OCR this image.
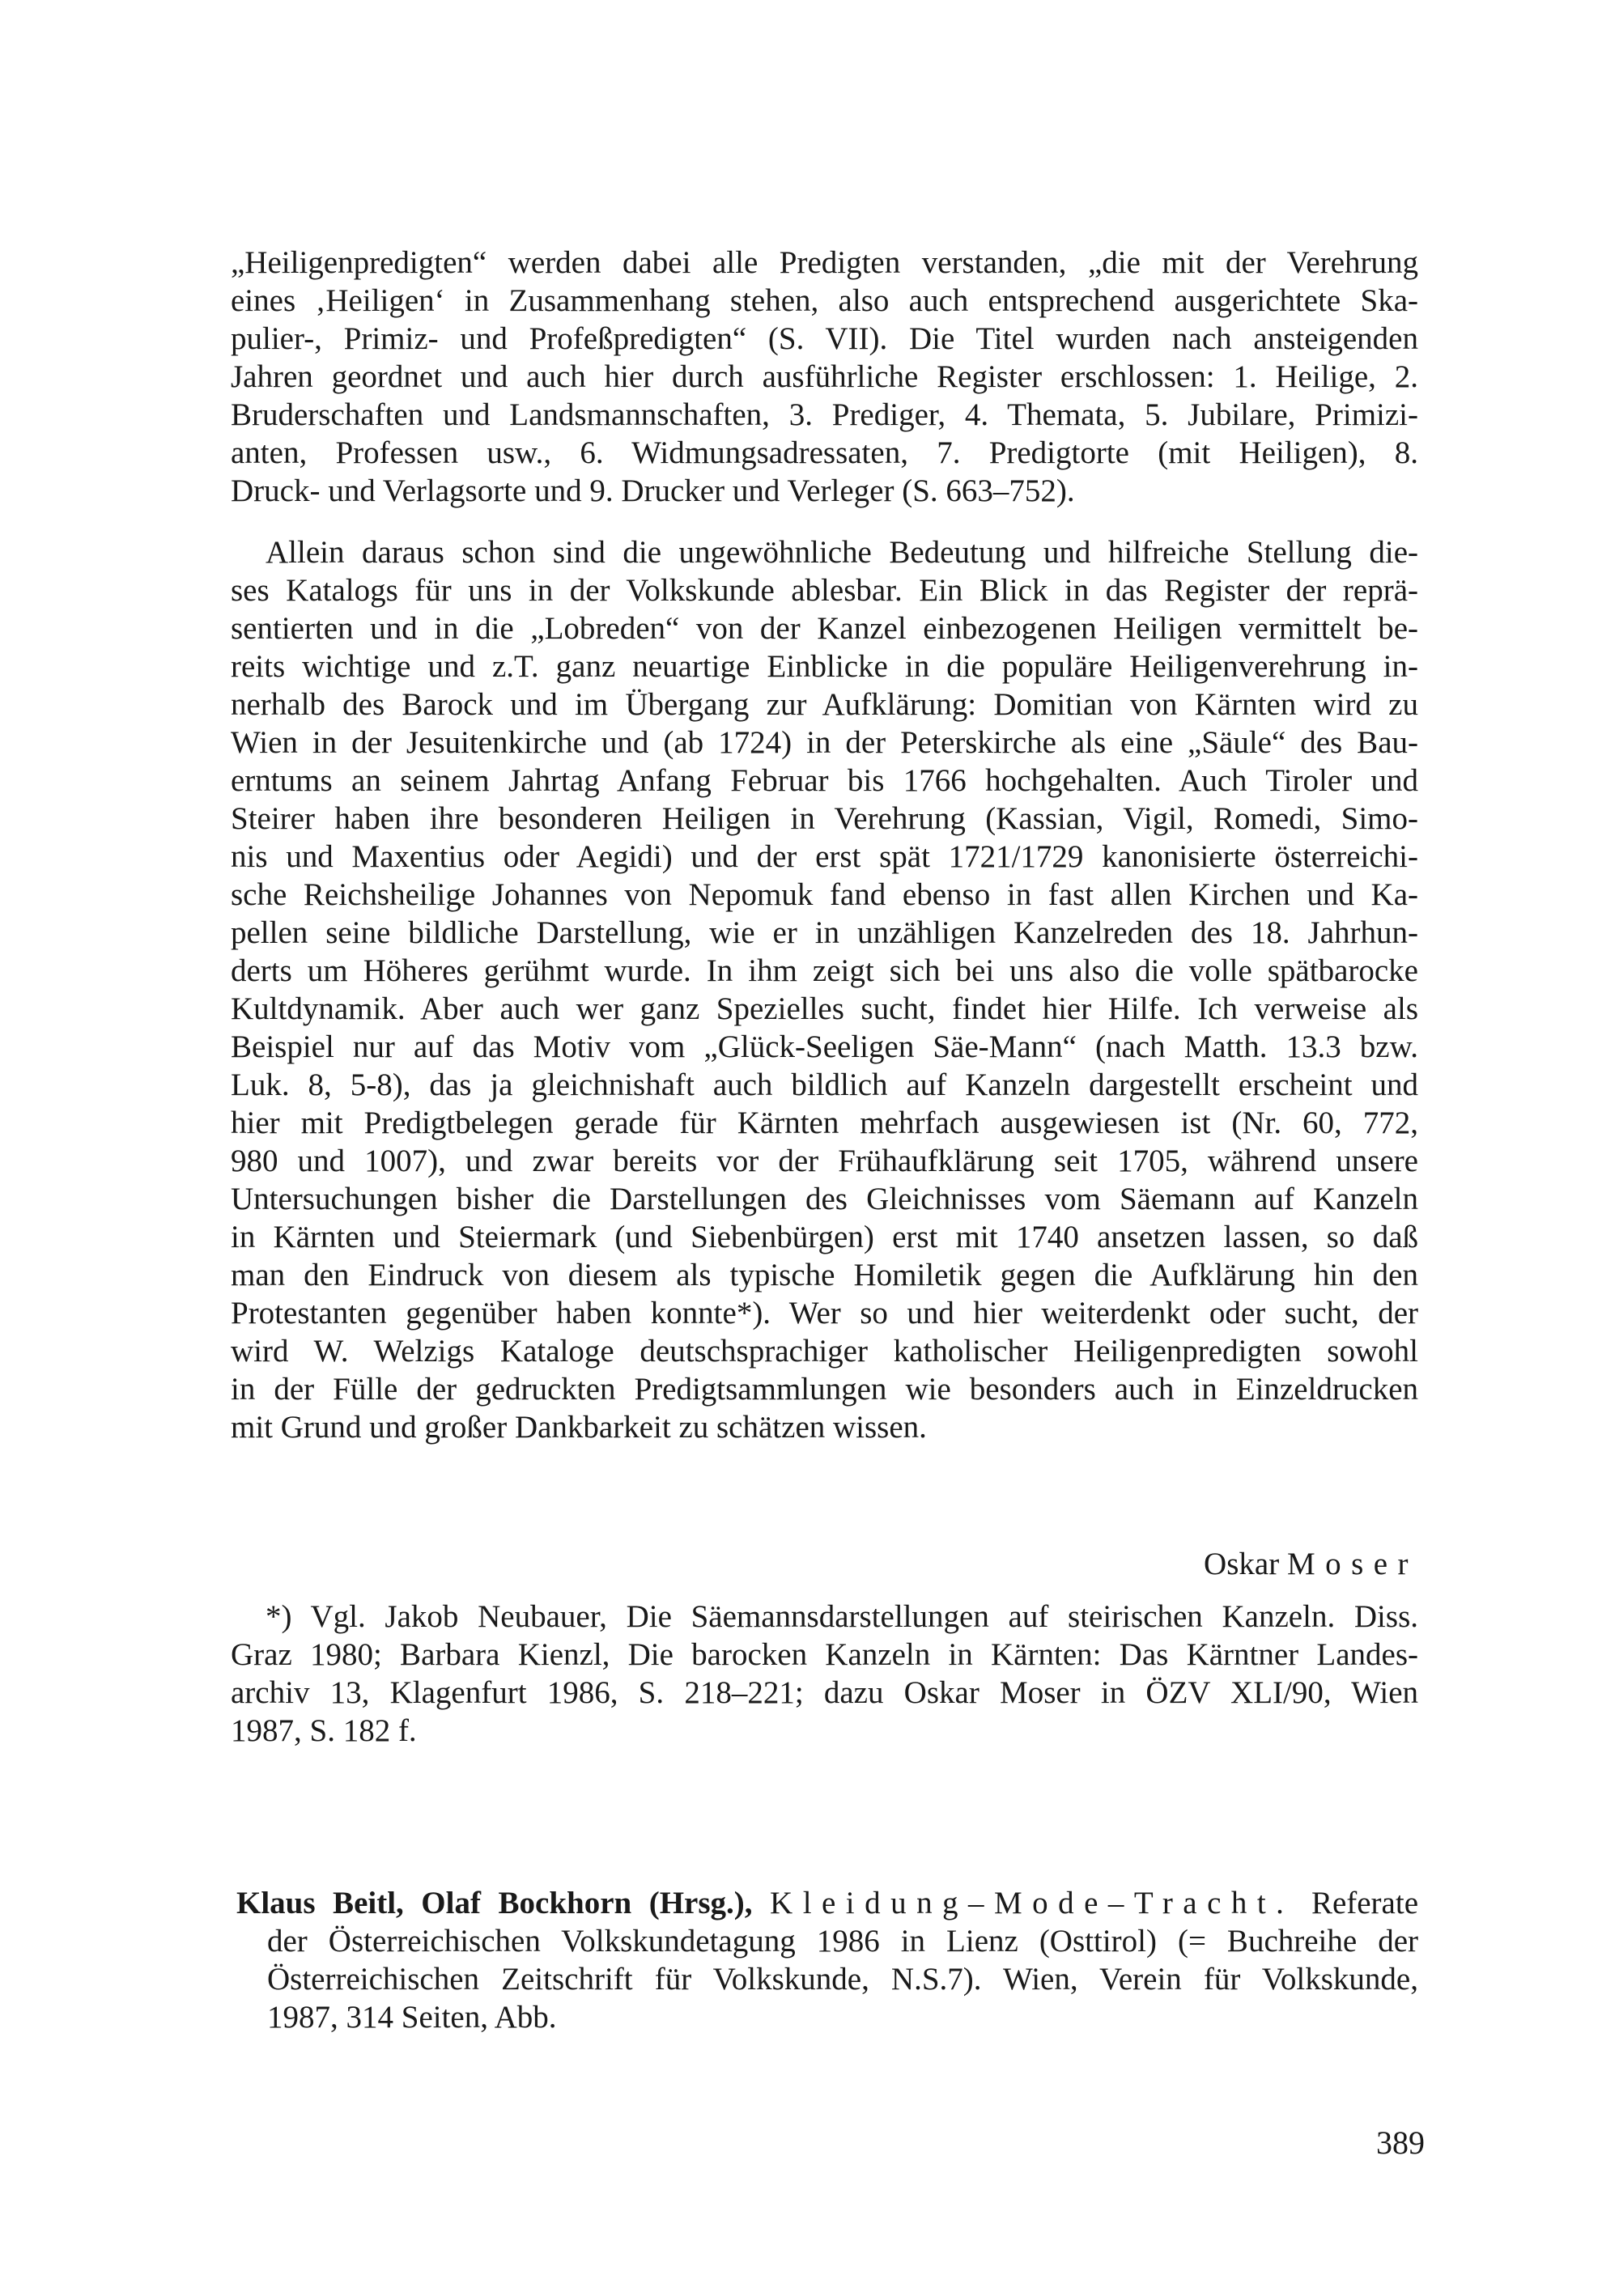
„Heiligenpredigten“ werden dabei alle Predigten verstanden, „die mit der Verehrung
eines ‚Heiligen‘ in Zusammenhang stehen, also auch entsprechend ausgerichtete Ska-
pulier-, Primiz- und Profeßpredigten“ (S. VII). Die Titel wurden nach ansteigenden
Jahren geordnet und auch hier durch ausführliche Register erschlossen: 1. Heilige, 2.
Bruderschaften und Landsmannschaften, 3. Prediger, 4. Themata, 5. Jubilare, Primizi-
anten, Professen usw., 6. Widmungsadressaten, 7. Predigtorte (mit Heiligen), 8.
Druck- und Verlagsorte und 9. Drucker und Verleger (S. 663–752).
Allein daraus schon sind die ungewöhnliche Bedeutung und hilfreiche Stellung die-
ses Katalogs für uns in der Volkskunde ablesbar. Ein Blick in das Register der reprä-
sentierten und in die „Lobreden“ von der Kanzel einbezogenen Heiligen vermittelt be-
reits wichtige und z.T. ganz neuartige Einblicke in die populäre Heiligenverehrung in-
nerhalb des Barock und im Übergang zur Aufklärung: Domitian von Kärnten wird zu
Wien in der Jesuitenkirche und (ab 1724) in der Peterskirche als eine „Säule“ des Bau-
erntums an seinem Jahrtag Anfang Februar bis 1766 hochgehalten. Auch Tiroler und
Steirer haben ihre besonderen Heiligen in Verehrung (Kassian, Vigil, Romedi, Simo-
nis und Maxentius oder Aegidi) und der erst spät 1721/1729 kanonisierte österreichi-
sche Reichsheilige Johannes von Nepomuk fand ebenso in fast allen Kirchen und Ka-
pellen seine bildliche Darstellung, wie er in unzähligen Kanzelreden des 18. Jahrhun-
derts um Höheres gerühmt wurde. In ihm zeigt sich bei uns also die volle spätbarocke
Kultdynamik. Aber auch wer ganz Spezielles sucht, findet hier Hilfe. Ich verweise als
Beispiel nur auf das Motiv vom „Glück-Seeligen Säe-Mann“ (nach Matth. 13.3 bzw.
Luk. 8, 5-8), das ja gleichnishaft auch bildlich auf Kanzeln dargestellt erscheint und
hier mit Predigtbelegen gerade für Kärnten mehrfach ausgewiesen ist (Nr. 60, 772,
980 und 1007), und zwar bereits vor der Frühaufklärung seit 1705, während unsere
Untersuchungen bisher die Darstellungen des Gleichnisses vom Säemann auf Kanzeln
in Kärnten und Steiermark (und Siebenbürgen) erst mit 1740 ansetzen lassen, so daß
man den Eindruck von diesem als typische Homiletik gegen die Aufklärung hin den
Protestanten gegenüber haben konnte*). Wer so und hier weiterdenkt oder sucht, der
wird W. Welzigs Kataloge deutschsprachiger katholischer Heiligenpredigten sowohl
in der Fülle der gedruckten Predigtsammlungen wie besonders auch in Einzeldrucken
mit Grund und großer Dankbarkeit zu schätzen wissen.
Oskar Moser
*) Vgl. Jakob Neubauer, Die Säemannsdarstellungen auf steirischen Kanzeln. Diss.
Graz 1980; Barbara Kienzl, Die barocken Kanzeln in Kärnten: Das Kärntner Landes-
archiv 13, Klagenfurt 1986, S. 218–221; dazu Oskar Moser in ÖZV XLI/90, Wien
1987, S. 182 f.
Klaus Beitl, Olaf Bockhorn (Hrsg.), Kleidung–Mode–Tracht. Referate
der Österreichischen Volkskundetagung 1986 in Lienz (Osttirol) (= Buchreihe der
Österreichischen Zeitschrift für Volkskunde, N.S.7). Wien, Verein für Volkskunde,
1987, 314 Seiten, Abb.
389
